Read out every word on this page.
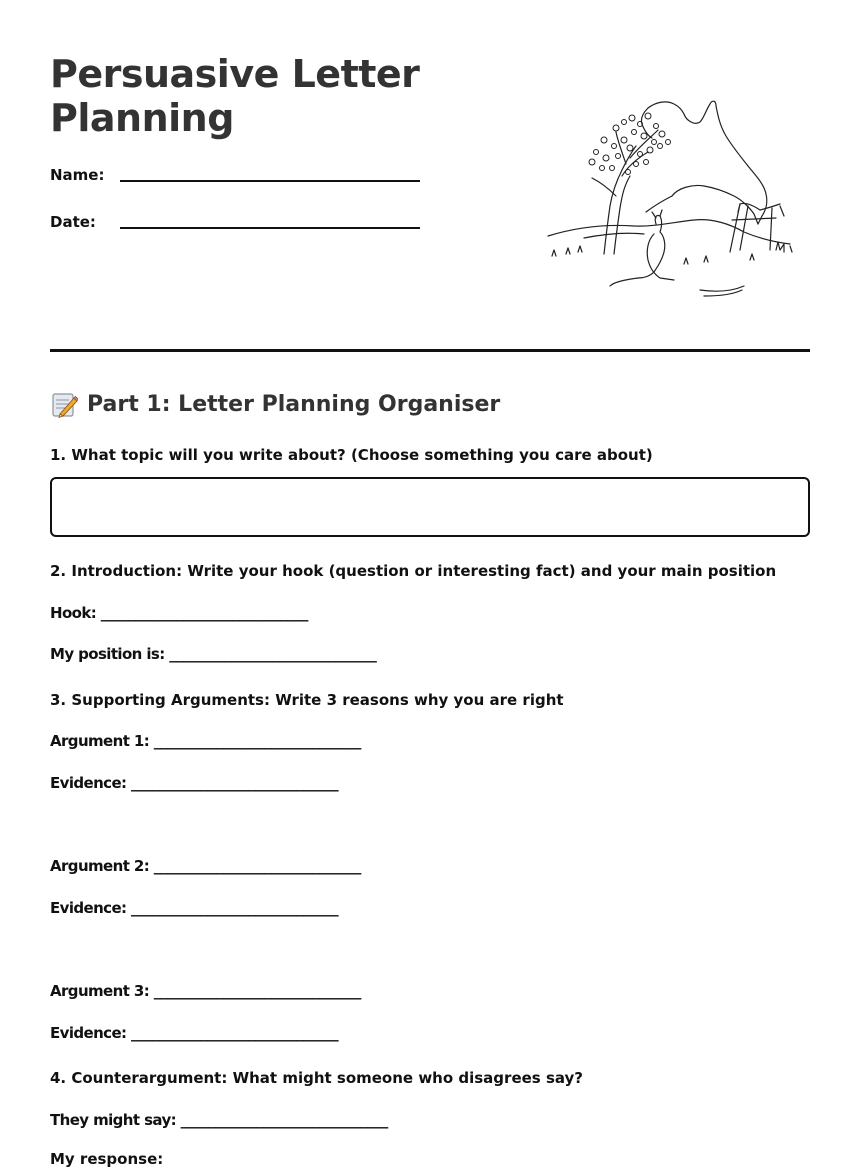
Persuasive Letter Planning
Name:
Date:
Part 1: Letter Planning Organiser
1. What topic will you write about? (Choose something you care about)
2. Introduction: Write your hook (question or interesting fact) and your main position
Hook: ______________________________
My position is: ______________________________
3. Supporting Arguments: Write 3 reasons why you are right
Argument 1: ______________________________
Evidence: ______________________________
Argument 2: ______________________________
Evidence: ______________________________
Argument 3: ______________________________
Evidence: ______________________________
4. Counterargument: What might someone who disagrees say?
They might say: ______________________________
My response:
